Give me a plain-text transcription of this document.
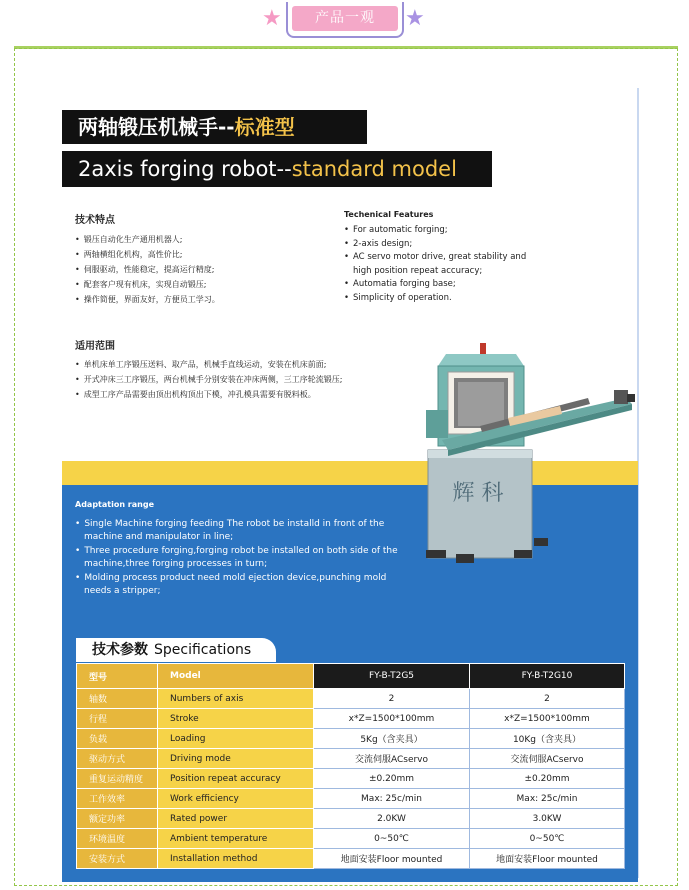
★	产品一观	★
两轴锻压机械手--标准型
2axis forging robot--standard model
技术特点
• 锻压自动化生产通用机器人;
• 两轴横组化机构，高性价比;
• 伺服驱动，性能稳定，提高运行精度;
• 配套客户现有机床，实现自动锻压;
• 操作简便，界面友好，方便员工学习。
Techenical Features
• For automatic forging;
• 2-axis design;
• AC servo motor drive, great stability and high position repeat accuracy;
• Automatia forging base;
• Simplicity of operation.
适用范围
• 单机床单工序锻压送料、取产品，机械手直线运动，安装在机床前面;
• 开式冲床三工序锻压，两台机械手分别安装在冲床两侧，三工序轮流锻压;
• 成型工序产品需要由顶出机构顶出下模，冲孔模具需要有脱料板。
辉 科
Adaptation range
• Single Machine forging feeding The robot be installd in front of the machine and manipulator in line;
• Three procedure forging,forging robot be installed on both side of the machine,three forging processes in turn;
• Molding process product need mold ejection device,punching mold needs a stripper;
技术参数 Specifications
型号	Model	FY-B-T2G5	FY-B-T2G10
轴数	Numbers of axis	2	2
行程	Stroke	x*Z=1500*100mm	x*Z=1500*100mm
负载	Loading	5Kg（含夹具）	10Kg（含夹具）
驱动方式	Driving mode	交流伺服ACservo	交流伺服ACservo
重复运动精度	Position repeat accuracy	±0.20mm	±0.20mm
工作效率	Work efficiency	Max: 25c/min	Max: 25c/min
额定功率	Rated power	2.0KW	3.0KW
环境温度	Ambient temperature	0~50℃	0~50℃
安装方式	Installation method	地面安装Floor mounted	地面安装Floor mounted
